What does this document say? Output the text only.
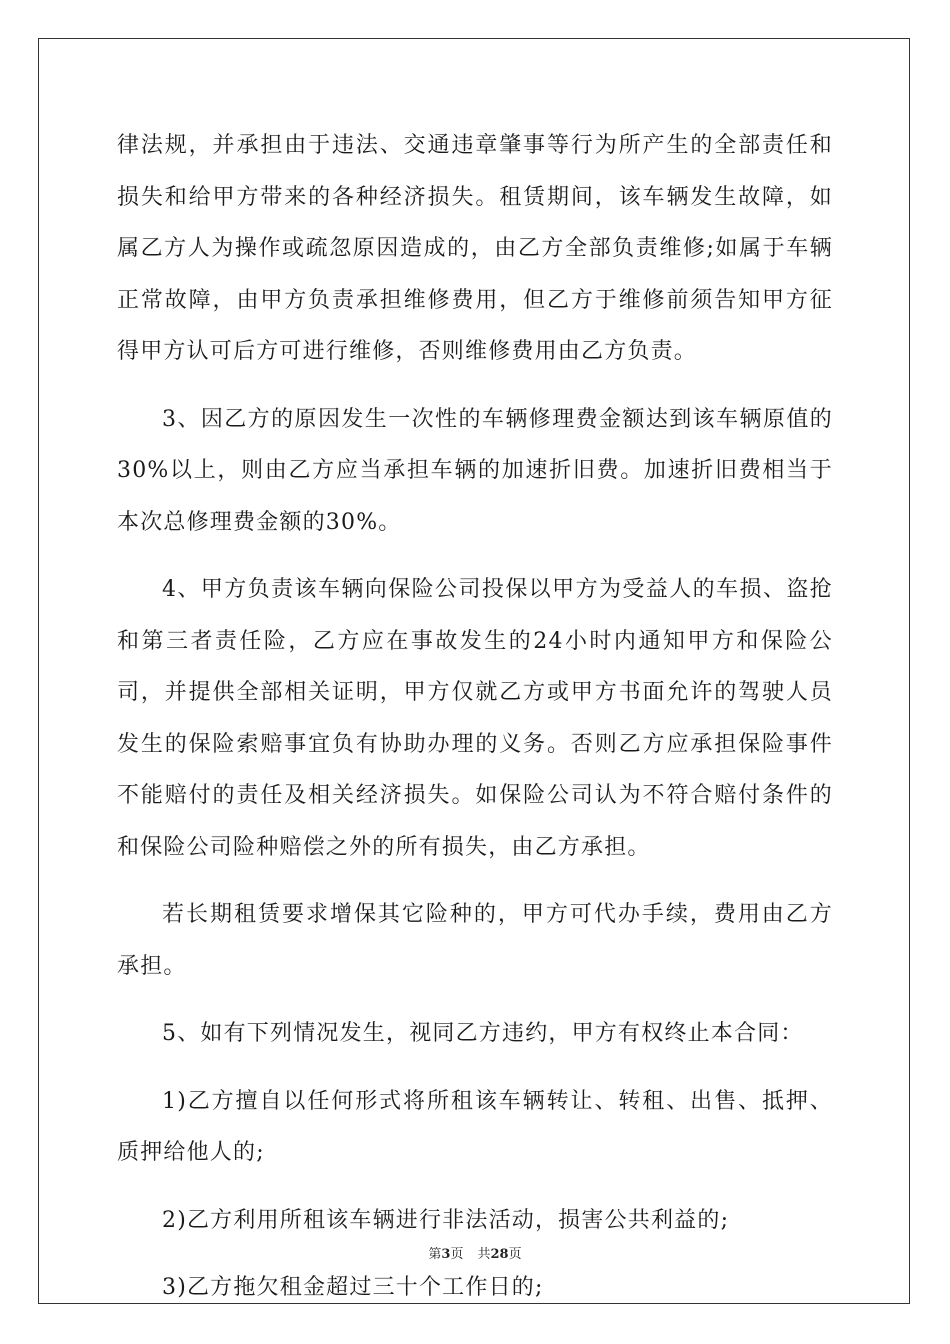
律法规，并承担由于违法、交通违章肇事等行为所产生的全部责任和损失和给甲方带来的各种经济损失。租赁期间，该车辆发生故障，如属乙方人为操作或疏忽原因造成的，由乙方全部负责维修;如属于车辆正常故障，由甲方负责承担维修费用，但乙方于维修前须告知甲方征得甲方认可后方可进行维修，否则维修费用由乙方负责。

3、因乙方的原因发生一次性的车辆修理费金额达到该车辆原值的30%以上，则由乙方应当承担车辆的加速折旧费。加速折旧费相当于本次总修理费金额的30%。

4、甲方负责该车辆向保险公司投保以甲方为受益人的车损、盗抢和第三者责任险，乙方应在事故发生的24小时内通知甲方和保险公司，并提供全部相关证明，甲方仅就乙方或甲方书面允许的驾驶人员发生的保险索赔事宜负有协助办理的义务。否则乙方应承担保险事件不能赔付的责任及相关经济损失。如保险公司认为不符合赔付条件的和保险公司险种赔偿之外的所有损失，由乙方承担。

若长期租赁要求增保其它险种的，甲方可代办手续，费用由乙方承担。

5、如有下列情况发生，视同乙方违约，甲方有权终止本合同：

1)乙方擅自以任何形式将所租该车辆转让、转租、出售、抵押、质押给他人的;

2)乙方利用所租该车辆进行非法活动，损害公共利益的;

3)乙方拖欠租金超过三十个工作日的;

第3页 共28页
